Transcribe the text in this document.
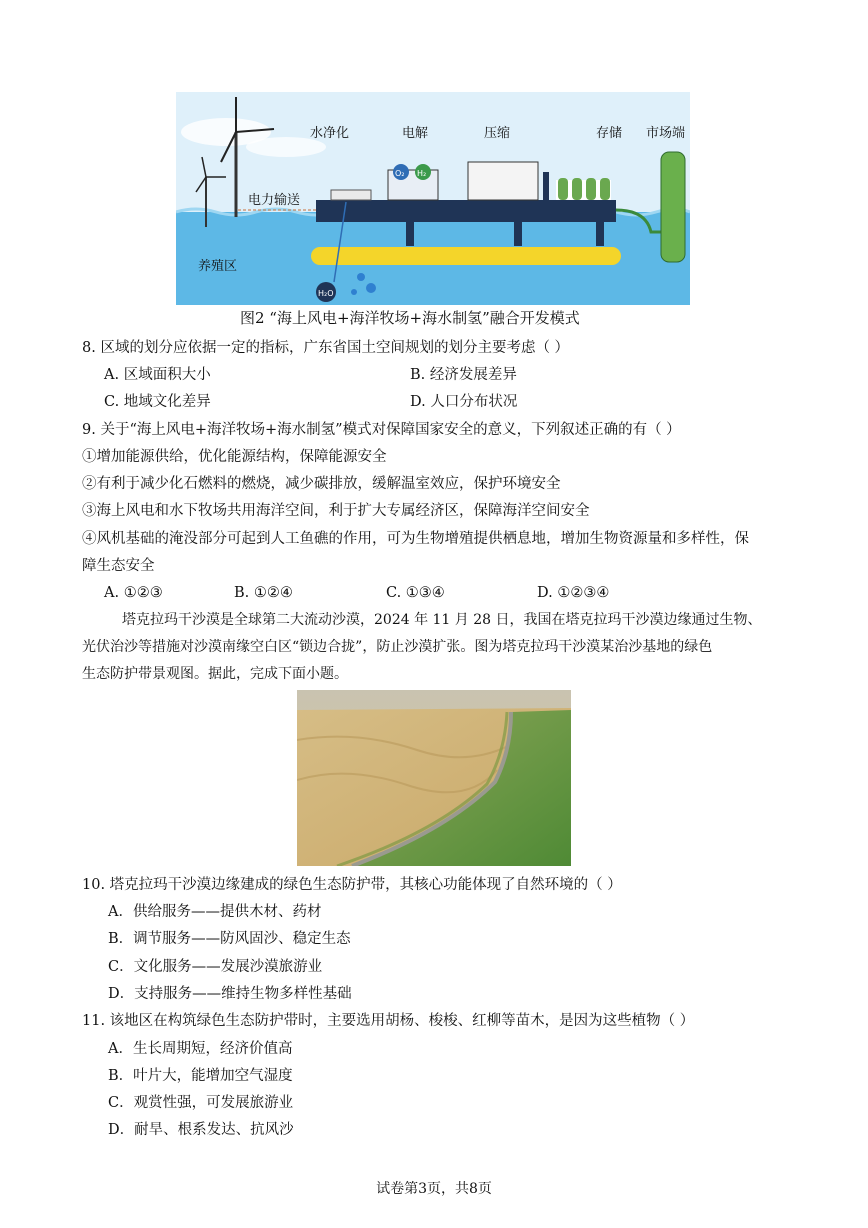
水净化	电解	压缩	存储 市场端
电力输送
养殖区
O₂ H₂
H₂O
图2 “海上风电+海洋牧场+海水制氢”融合开发模式
8. 区域的划分应依据一定的指标，广东省国土空间规划的划分主要考虑（ ）
A. 区域面积大小	B. 经济发展差异
C. 地域文化差异	D. 人口分布状况
9. 关于“海上风电+海洋牧场+海水制氢”模式对保障国家安全的意义，下列叙述正确的有（ ）
①增加能源供给，优化能源结构，保障能源安全
②有利于减少化石燃料的燃烧，减少碳排放，缓解温室效应，保护环境安全
③海上风电和水下牧场共用海洋空间，利于扩大专属经济区，保障海洋空间安全
④风机基础的淹没部分可起到人工鱼礁的作用，可为生物增殖提供栖息地，增加生物资源量和多样性，保
障生态安全
A. ①②③	B. ①②④	C. ①③④	D. ①②③④
塔克拉玛干沙漠是全球第二大流动沙漠，2024 年 11 月 28 日，我国在塔克拉玛干沙漠边缘通过生物、
光伏治沙等措施对沙漠南缘空白区“锁边合拢”，防止沙漠扩张。图为塔克拉玛干沙漠某治沙基地的绿色
生态防护带景观图。据此，完成下面小题。
10. 塔克拉玛干沙漠边缘建成的绿色生态防护带，其核心功能体现了自然环境的（ ）
A．供给服务——提供木材、药材
B．调节服务——防风固沙、稳定生态
C．文化服务——发展沙漠旅游业
D．支持服务——维持生物多样性基础
11. 该地区在构筑绿色生态防护带时，主要选用胡杨、梭梭、红柳等苗木，是因为这些植物（ ）
A．生长周期短，经济价值高
B．叶片大，能增加空气湿度
C．观赏性强，可发展旅游业
D．耐旱、根系发达、抗风沙
试卷第3页，共8页
